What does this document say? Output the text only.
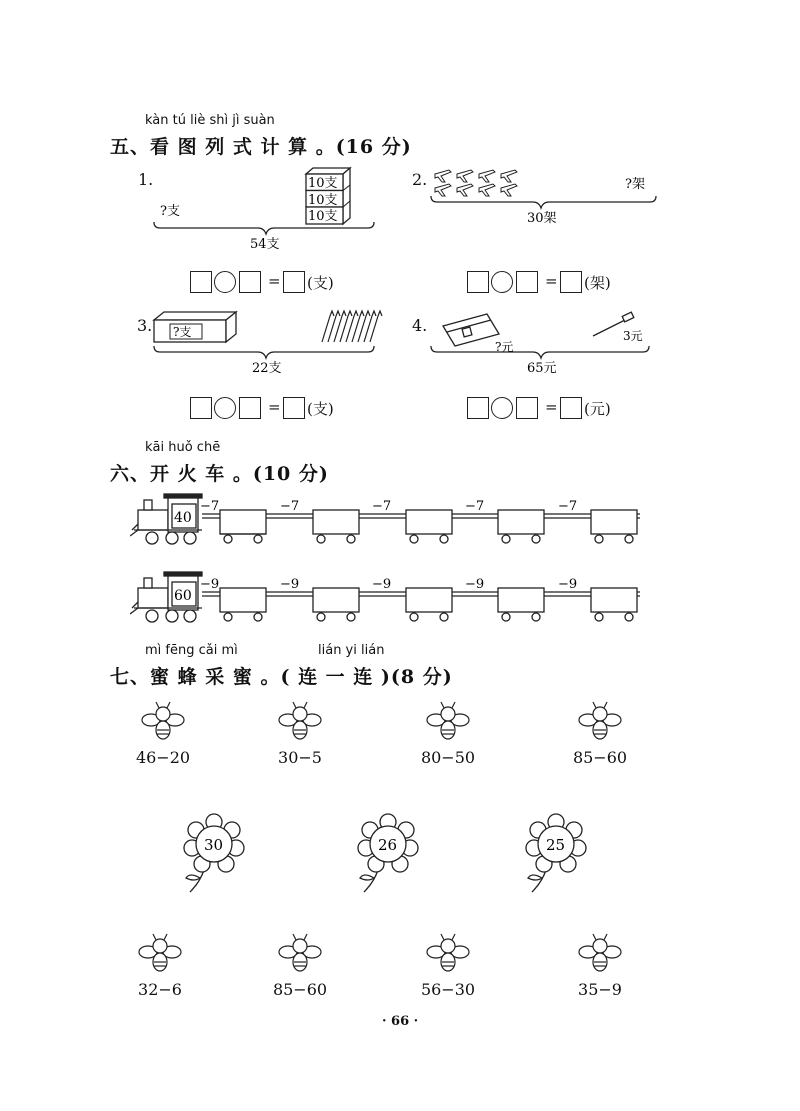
kàn tú liè shì jì suàn
五、看 图 列 式 计 算 。(16 分)
1.	10支
10支
10支
?支
54支
= (支)
2.	?架
30架
= (架)
3. ?支
22支
= (支)
4.
?元
3元
65元
= (元)
kāi huǒ chē
六、开 火 车 。(10 分)
40
−7	−7	−7	−7	−7
60
−9	−9	−9	−9	−9
mì fēng cǎi mì	lián yi lián
七、蜜 蜂 采 蜜 。( 连 一 连 )(8 分)
46−20	30−5	80−50	85−60
30	26	25
32−6	85−60	56−30	35−9
· 66 ·
